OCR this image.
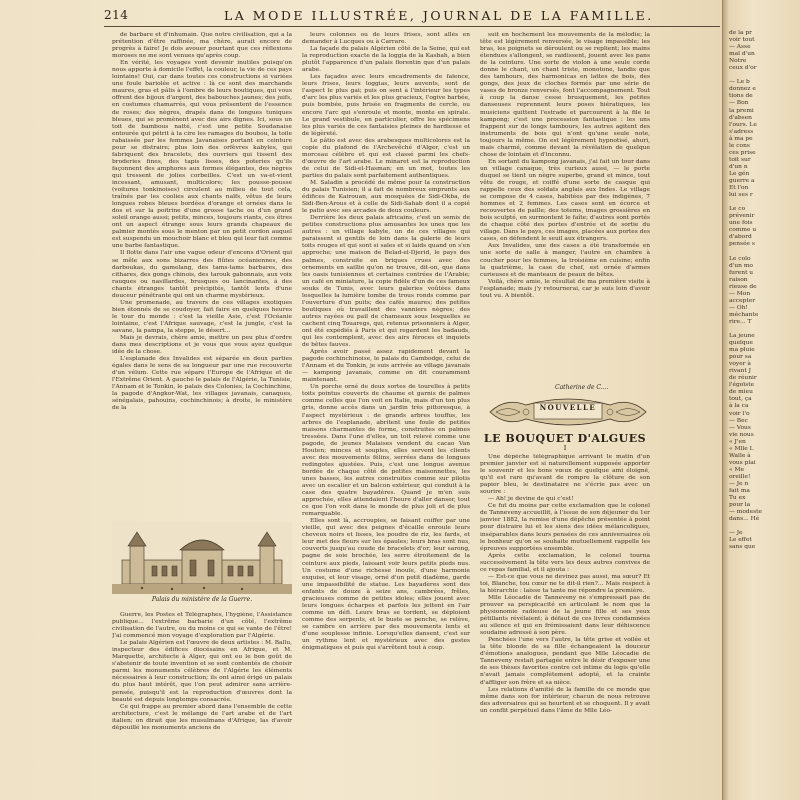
214	LA MODE ILLUSTRÉE, JOURNAL DE LA FAMILLE.

de barbare et d'inhumain. Que notre civilisation, qui a la prétention d'être raffinée, ma chère, aurait encore de progrès à faire! Je dois avouer pourtant que ces réflexions moroses ne me sont venues qu'après coup.

En vérité, les voyages vont devenir inutiles puisqu'on nous apporte à domicile l'effet, la couleur, la vie de ces pays lointains! Oui, car dans toutes ces constructions si variées une foule bariolée et active : là ce sont des marchands maures, gras et pâlis à l'ombre de leurs boutiques, qui vous offrent des bijoux d'argent, des babouches jaunes; des juifs, en costumes chamarrés, qui vous présentent de l'essence de roses; des nègres, drapés dans de longues tuniques bleues, qui se promènent avec des airs dignes. Ici, sous un toit de bambous natté, c'est une petite Soudanaise entourée qui pétrit à la cire les ramages du boubou, la toile rabaissée par les femmes Javanaises portant en ceinture pour se distraire; plus loin des orfèvres kabyles, qui fabriquent des bracelets, des ouvriers qui tissent des broderies fines, des tapis lisses, des poteries qu'ils façonnent des amphores aux formes élégantes, des nègres qui tressent de jolies corbeilles. C'est un va-et-vient incessant, amusant, multicolore; les pousse-pousse (voitures tonkinoises) circulent au milieu de tout cela, traînés par les coolies aux chants naïfs, vêtus de leurs longues robes bleues bordées d'orange et ornées dans le dos et sur la poitrine d'une grosse tache ou d'un grand soleil orange aussi; petits, minces, toujours riants, ces êtres ont un aspect étrange sous leurs grands chapeaux de palmier montés sous le menton par un petit cordon auquel est suspendu un mouchoir blanc et bleu qui leur fait comme une barbe fantastique.

Il flotte dans l'air une vague odeur d'encens d'Orient qui se mêle aux sons bizarres des flûtes océaniennes, des darboukas, du gamelang, des tams-tams barbares, des cithares, des gongs chinois, des tarouk gabonnais, aux voix rauques ou nasillardes, brusques ou lancinantes, à des chants étranges tantôt précipités, tantôt lents d'une douceur pénétrante qui ont un charme mystérieux.

Une promenade, au travers de ces villages exotiques bien étonnés de se coudoyer, fait faire en quelques heures le tour du monde : c'est la vieille Asie, c'est l'Océanie lointaine, c'est l'Afrique sauvage, c'est la jungle, c'est la savane, la pampa, la steppe, le désert...

Mais je devrais, chère amie, mettre un peu plus d'ordre dans mes descriptions et je vous que vous ayez quelque idée de la chose.

L'esplanade des Invalides est séparée en deux parties égales dans le sens de sa longueur par une rue recouverte d'un vélum. Cette rue sépare l'Europe de l'Afrique et de l'Extrême Orient. A gauche le palais de l'Algérie, la Tunisie, l'Annam et le Tonkin, le palais des Colonies, la Cochinchine, la pagode d'Angkor-Wat, les villages javanais, canaques, sénégalais, pahouins, cochinchinois; à droite, le ministère de la

Palais du ministère de la Guerre.

Guerre, les Postes et Télégraphes, l'hygiène, l'Assistance publique... l'extrême barbarie d'un côté, l'extrême civilisation de l'autre, ou du moins ce qui se vante de l'être! J'ai commencé mon voyage d'exploration par l'Algérie.

Le palais Algérien est l'œuvre de deux artistes : M. Ballu, inspecteur des édifices diocésains en Afrique, et M. Marquette, architecte à Alger, qui ont eu le bon goût de s'abstenir de toute invention et se sont contentés de choisir parmi les monuments célèbres de l'Algérie les éléments nécessaires à leur construction; ils ont ainsi érigé un palais du plus haut intérêt, que l'on peut admirer sans arrière-pensée, puisqu'il est la reproduction d'œuvres dont la beauté est depuis longtemps consacrée.

Ce qui frappe au premier abord dans l'ensemble de cette architecture, c'est le mélange de l'art arabe et de l'art italien; on dirait que les musulmans d'Afrique, las d'avoir dépouillé les monuments anciens de

leurs colonnes ou de leurs frises, sont allés en demander à Lucques ou à Carrare.

La façade du palais Algérien côté de la Seine, qui est la reproduction exacte de la loggia de la Kasbah, a bien plutôt l'apparence d'un palais florentin que d'un palais arabe.

Les façades avec leurs encadrements de faïence, leurs frises, leurs loggias, leurs auvents, sont de l'aspect le plus gai; puis on sent à l'intérieur les types d'arc les plus variés et les plus gracieux, l'ogive barbée, puis bombée, puis brisée en fragments de cercle, ou encore l'arc qui s'enroule et monte, monte en spirale. Le grand vestibule, en particulier, offre les spécimens les plus variés de ces fantaisies pleines de hardiesse et de légèreté.

Le pâtio est avec des arabesques multicolores est la copie du plafond de l'Archevêché d'Alger, c'est un morceau célèbre et qui est classé parmi les chefs-d'œuvre de l'art arabe. Le minaret est la reproduction de celui de Sidi-el-Hasman; en un mot, toutes les parties du palais sont parfaitement authentiques.

M. Saladin a procédé de même pour la construction du palais Tunisien; il a fait de nombreux emprunts aux édifices de Kairouan, aux mosquées de Sidi-Okba, de Sidi-Ben-Arous et à celle de Sidi-Sahab dont il a copié le patio avec ses arcades de deux couleurs.

Derrière les deux palais africains, c'est un semis de petites constructions plus amusantes les unes que les autres : un village kabyle, un de ces villages qui paraissent si gentils de loin dans la galerie de leurs toits rouges et qui sont si sales et si laids quand on s'en approche; une maison de Belad-el-Djerid, le pays des palmes, construite en briques crues avec des ornements en saillie qu'on ne trouve, dit-on, que dans les oasis tunisiennes et certaines contrées de l'Arabie; un café en miniature, la copie fidèle d'un de ces fameux souks de Tunis, avec leurs galeries voûtées dans lesquelles la lumière tombe de trous ronds comme par l'ouverture d'un puits; des cafés maures; des petites boutiques où travaillent des vanniers nègres; des autres rayées ou pail de chameaux sous lesquelles se cachent cinq Touaregs, qui, retenus prisonniers à Alger, ont été expédiés à Paris et qui regardent les badauds, qui les contemplent, avec des airs féroces et inquiets de bêtes fauves.

Après avoir passé assez rapidement devant la pagode cochinchinoise, le palais du Cambodge, celui de l'Annam et du Tonkin, je suis arrivée au village javanais — kampong javanais, comme on dit couramment maintenant.

Un porche orné de deux sortes de tourelles à petits toits pointus couverts de chaume et garnis de palmes comme celles que l'on voit en Italie, mais d'un ton plus gris, donne accès dans un jardin très pittoresque, à l'aspect mystérieux : de grands arbres touffus, les arbres de l'esplanade, abritent une foule de petites maisons charmantes de forme, construites en palmes tressées. Dans l'une d'elles, un toit relevé comme une pagode, de jeunes Malaises vendent du cacao Van Houten; minces et souples, elles servent les clients avec des mouvements félins, serrées dans de longues redingotes ajustées. Puis, c'est une longue avenue bordée de chaque côté de petites maisonnettes, les unes basses, les autres construites comme sur pilotis avec un escalier et un balcon extérieur, qui conduit à la case des quatre bayadères. Quand je m'en suis approchée, elles attendaient l'heure d'aller danser, tout ce que l'on voit dans le monde de plus joli et de plus remarquable.

Elles sont là, accroupies, se faisant coiffer par une vieille, qui avec des peignes d'écaille enroule leurs cheveux noirs et lisses, les poudre de riz, les fards, et leur met des fleurs sur les épaules; leurs bras sont nus, couverts jusqu'au coude de bracelets d'or; leur sarong, pagne de soie brochée, les serre étroitement de la ceinture aux pieds, laissant voir leurs petits pieds nus. Un costume d'une richesse inouïe, d'une harmonie exquise, et leur visage, orné d'un petit diadème, garde une impassibilité de statue. Les bayadères sont des enfants de douze à seize ans, cambrées, frêles, gracieuses comme de petites idoles; elles jouent avec leurs longues écharpes et parfois les jettent en l'air comme un défi. Leurs bras se tordent, se déploient comme des serpents, et le buste se penche, se relève, se cambre en arrière par des mouvements lents et d'une souplesse infinie. Lorsqu'elles dansent, c'est sur un rythme lent et mystérieux avec des gestes énigmatiques et puis qui s'arrêtent tout à coup.

suit en hochement les mouvements de la mélodie; la tête est légèrement renversée, le visage impassible; les bras, les poignets se déroulent ou se replient; les mains étendues s'allongent, se raidissent, jouent avec les pans de la ceinture. Une sorte de violon à une seule corde donne le chant, un chant triste, monotone, tandis que des tambours, des harmonicas en lattes de bois, des gongs, des jeux de cloches formés par une série de vases de bronze renversés, font l'accompagnement. Tout à coup la danse cesse brusquement, les petites danseuses reprennent leurs poses hiératiques, les musiciens quittent l'estrade et parcourent à la file le kampong; c'est une procession fantastique : les uns frappent sur de longs tambours, les autres agitent des instruments de bois qui n'ont qu'une seule note, toujours la même. On est légèrement hypnotisé, ahuri, mais charmé, comme devant la révélation de quelque chose de lointain et d'inconnu.

En sortant du kampong javanais, j'ai fait un tour dans un village canaque, très curieux aussi, — le porte duquel se tient un nègre superbe, grand et mince, tout vêtu de rouge, et coiffé d'une sorte de casque qui rappelle ceux des soldats anglais aux Indes. Le village se compose de 4 cases, habitées par des indigènes, 7 hommes et 2 femmes. Les cases sont en écorce et recouvertes de paille; des totems, images grossières en bois sculpté, en surmontent le faîte; d'autres sont portés de chaque côté des portes d'entrée et de sortie du village. Dans le pays, ces images, placées aux portes des cases, en défendent le seuil aux étrangers.

Aux Invalides, une des cases a été transformée en une sorte de salle à manger, l'autre en chambre à coucher pour les femmes, la troisième en cuisine; enfin la quatrième, la case du chef, est ornée d'armes curieuses et de manteaux de peaux de bêtes.

Voilà, chère amie, le résultat de ma première visite à l'esplanade; mais j'y retournerai, car je suis loin d'avoir tout vu. A bientôt.

Catherine de C....
NOUVELLE
LE BOUQUET D'ALGUES
I

Une dépêche télégraphique arrivant le matin d'un premier janvier est si naturellement supposée apporter le souvenir et les bons vœux de quelque ami éloigné, qu'il est rare qu'avant de rompre la clôture de son papier bleu, le destinataire ne s'écrie pas avec un sourire :

— Ah! je devine de qui c'est!

Ce fut du moins par cette exclamation que le colonel de Tanneveny accueillit, à l'issue de son déjeuner du 1er janvier 1882, la remise d'une dépêche présentée à point pour distraire lui et les siens des idées mélancoliques, inséparables dans leurs pensées de ces anniversaires où le bonheur qu'on se souhaite mutuellement rappelle les épreuves supportées ensemble.

Après cette exclamation, le colonel tourna successivement la tête vers les deux autres convives de ce repas familial, et il ajouta :

— Est-ce que vous ne devinez pas aussi, ma sœur? Et toi, Blanche, tou cœur ne te dit-il rien?... Mais respect à la hiérarchie : laisse ta tante me répondre la première.

Mlle Léocadie de Tanneveny ne s'empressait pas de prouver sa perspicacité en articulant le nom que la physionomie radieuse de la jeune fille et ses yeux pétillants révélaient; à défaut de ces livres condamnées au silence et qui en frémissaient dans leur déhiscence soudaine adressé à son père.

Penchées l'une vers l'autre, la tête grise et voilée et la tête blonde de sa fille échangeaient la douceur d'émotions analogues, pendant que Mlle Léocadie de Tanneveny restait partagée entre le désir d'exposer une de ses thèses favorites contre cet intime du logis qu'elle n'avait jamais complètement adopté, et la crainte d'affliger son frère et sa nièce.

Les relations d'amitié de la famille de ce monde que même dans son for intérieur, chacun de nous retrouve des adversaires qui se heurtent et se choquent. Il y avait un conflit perpétuel dans l'âme de Mlle Léo-

de la pr
voir tout
— Asse
mal d'un
Notre
ceux d'or
— Le b
donnez e
tions de
— Bon
la premi
d'absen
l'ours. Le
s'adress
à ma pe
le cons
ces prise
toit sur
d'un n
Le gén
guerre a
Et l'on
lui ses r
Le co
prévenir
une fois
comme u
d'abord
pensée s
Le colo
d'un mo
furent u
raison
rieuse de
— Mon
accepter
— Oh!
méchante
rire... T
La jeune
quelque
ma pluie
pour sa
voyer à
rivant J
de réunir
l'égoïste
de mieu
tout, ça
à la ca
voir l'o
— Bec
— Vous
vie nous
« J'en
« Mlle L
Walle à
vous plai
« Me
oreille!
— Je n
fait ma
Tu ex
pour la
— modeste
dans... Hé
— Je
Le effet
sans que
